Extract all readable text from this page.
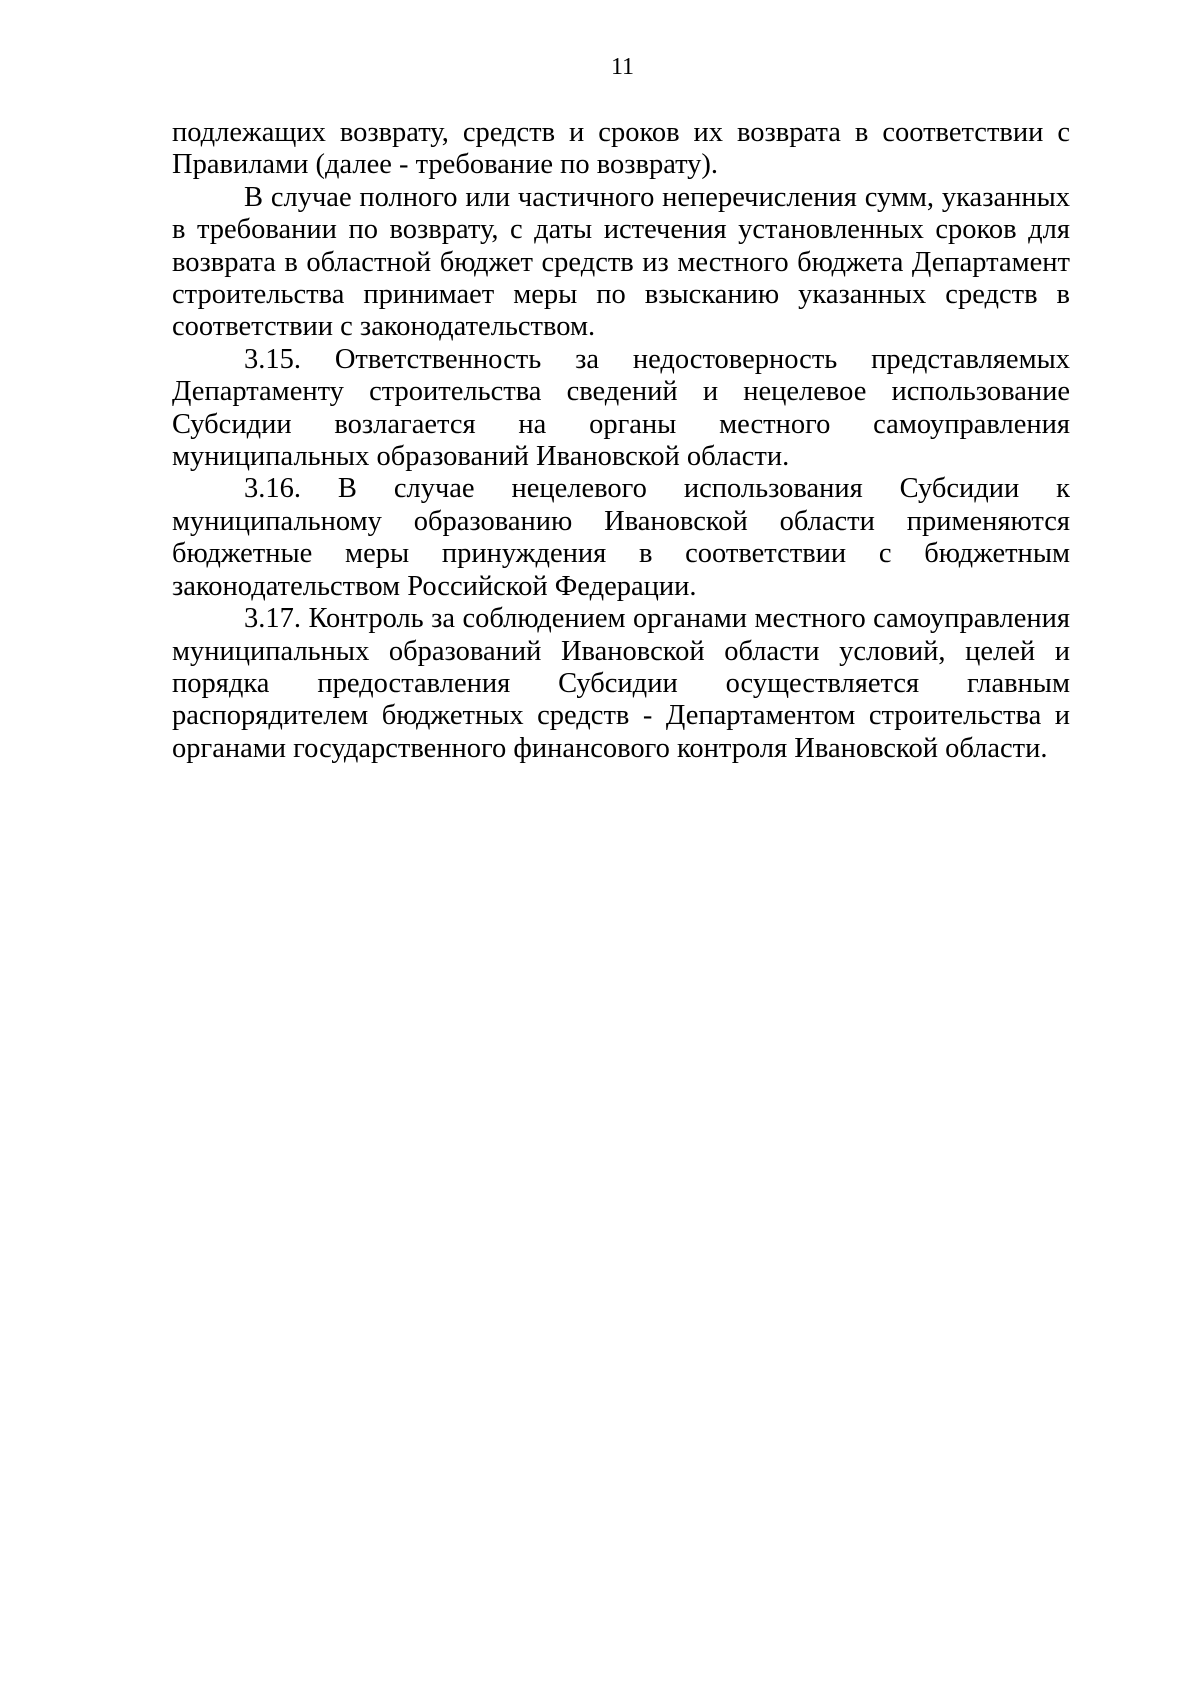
11

подлежащих возврату, средств и сроков их возврата в соответствии с Правилами (далее - требование по возврату).

В случае полного или частичного неперечисления сумм, указанных в требовании по возврату, с даты истечения установленных сроков для возврата в областной бюджет средств из местного бюджета Департамент строительства принимает меры по взысканию указанных средств в соответствии с законодательством.

3.15. Ответственность за недостоверность представляемых Департаменту строительства сведений и нецелевое использование Субсидии возлагается на органы местного самоуправления муниципальных образований Ивановской области.

3.16. В случае нецелевого использования Субсидии к муниципальному образованию Ивановской области применяются бюджетные меры принуждения в соответствии с бюджетным законодательством Российской Федерации.

3.17. Контроль за соблюдением органами местного самоуправления муниципальных образований Ивановской области условий, целей и порядка предоставления Субсидии осуществляется главным распорядителем бюджетных средств - Департаментом строительства и органами государственного финансового контроля Ивановской области.
